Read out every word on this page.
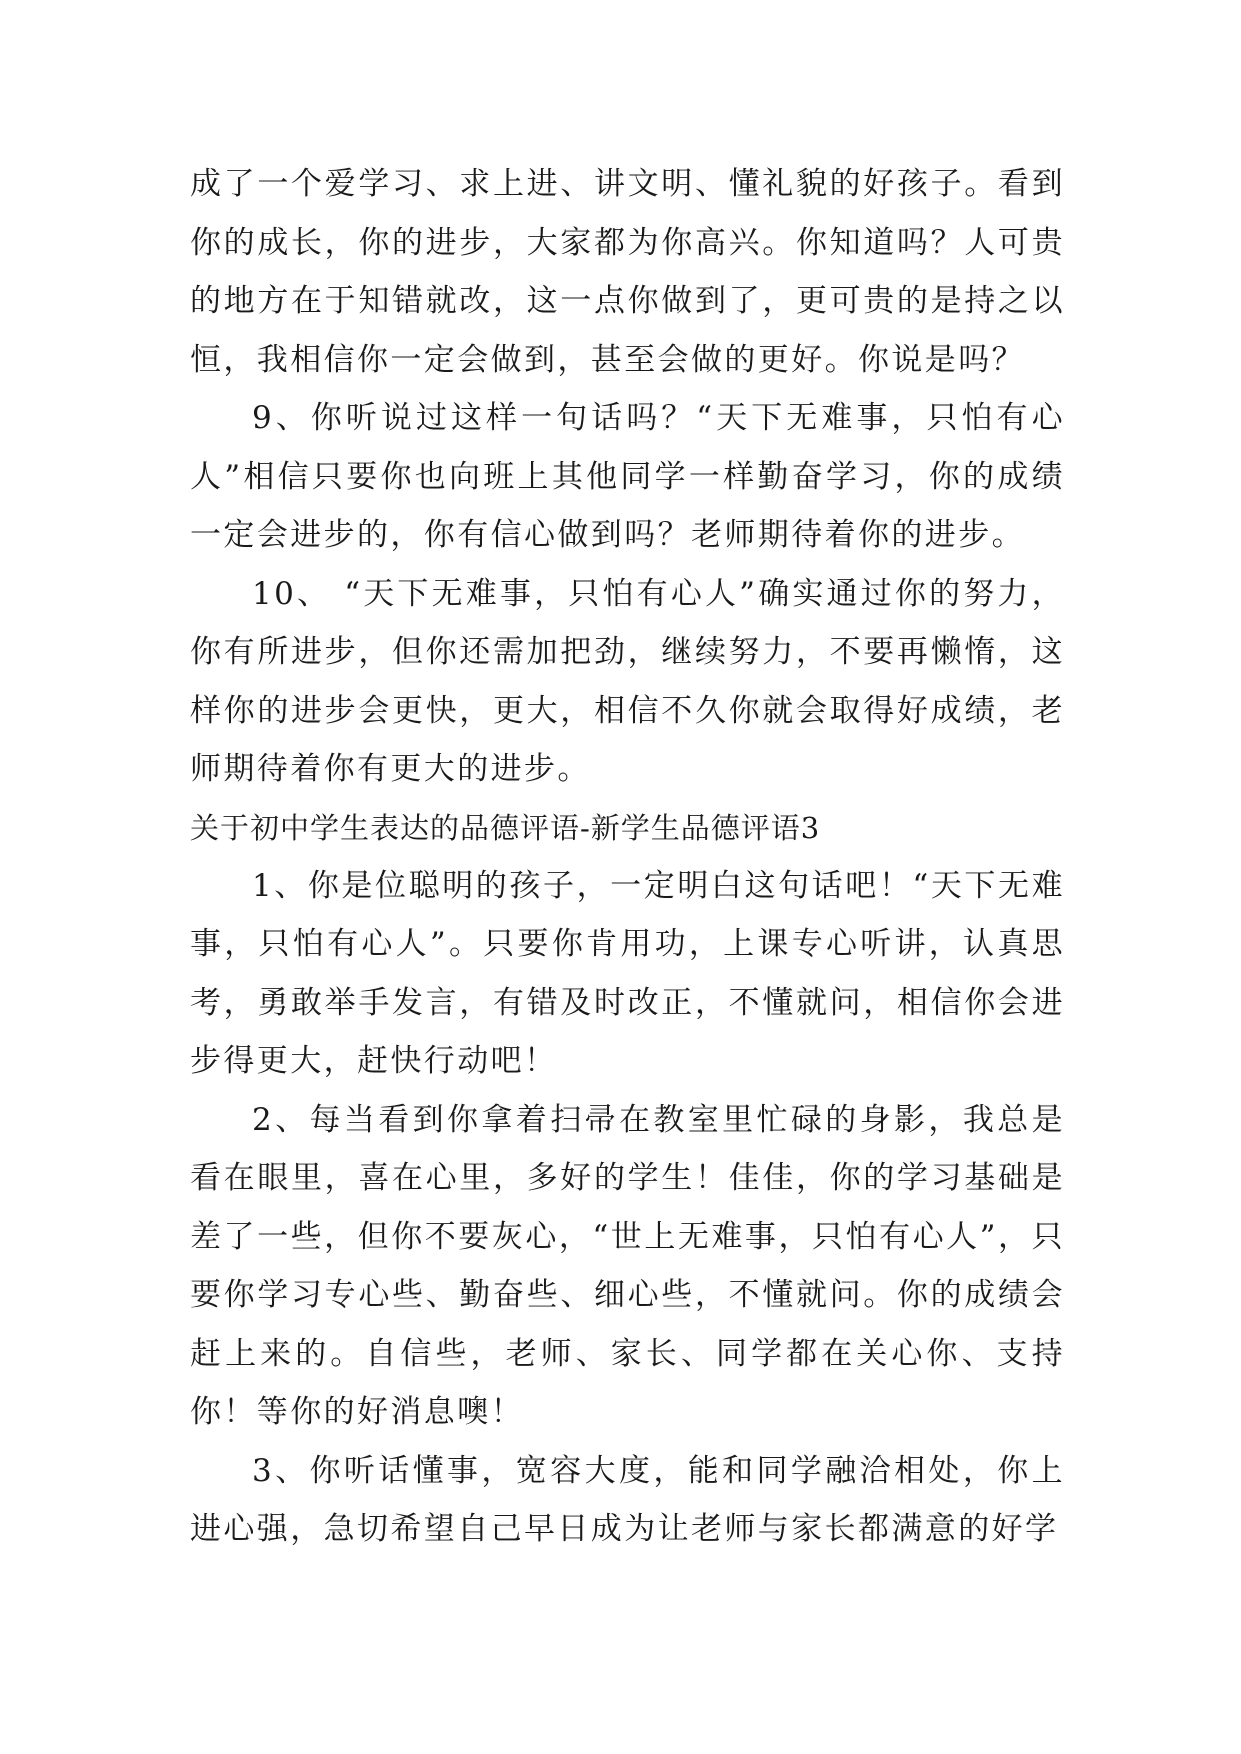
成了一个爱学习、求上进、讲文明、懂礼貌的好孩子。看到你的成长，你的进步，大家都为你高兴。你知道吗？人可贵的地方在于知错就改，这一点你做到了，更可贵的是持之以恒，我相信你一定会做到，甚至会做的更好。你说是吗？

9、你听说过这样一句话吗？“天下无难事，只怕有心人”相信只要你也向班上其他同学一样勤奋学习，你的成绩一定会进步的，你有信心做到吗？老师期待着你的进步。

10、 “天下无难事，只怕有心人”确实通过你的努力，你有所进步，但你还需加把劲，继续努力，不要再懒惰，这样你的进步会更快，更大，相信不久你就会取得好成绩，老师期待着你有更大的进步。

关于初中学生表达的品德评语-新学生品德评语3

1、你是位聪明的孩子，一定明白这句话吧！“天下无难事，只怕有心人”。只要你肯用功，上课专心听讲，认真思考，勇敢举手发言，有错及时改正，不懂就问，相信你会进步得更大，赶快行动吧！

2、每当看到你拿着扫帚在教室里忙碌的身影，我总是看在眼里，喜在心里，多好的学生！佳佳，你的学习基础是差了一些，但你不要灰心，“世上无难事，只怕有心人”，只要你学习专心些、勤奋些、细心些，不懂就问。你的成绩会赶上来的。自信些，老师、家长、同学都在关心你、支持你！等你的好消息噢！

3、你听话懂事，宽容大度，能和同学融洽相处，你上进心强，急切希望自己早日成为让老师与家长都满意的好学
